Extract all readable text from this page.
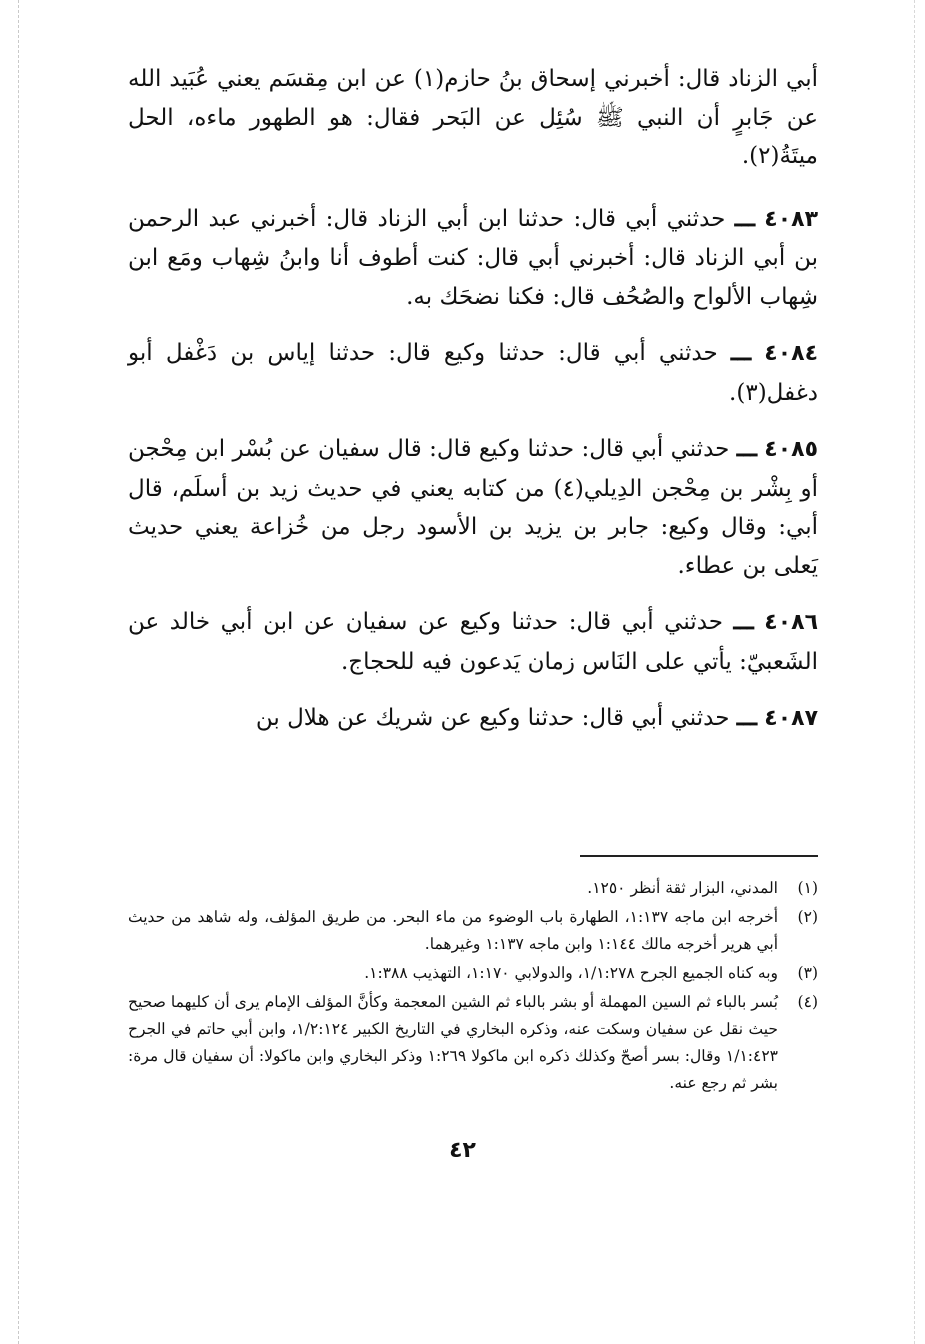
أبي الزناد قال: أخبرني إسحاق بنُ حازم(١) عن ابن مِقسَم يعني عُبَيد الله عن جَابرٍ أن النبي ﷺ سُئِل عن البَحر فقال: هو الطهور ماءه، الحل ميتَةُ(٢).

٤٠٨٣ ـــ حدثني أبي قال: حدثنا ابن أبي الزناد قال: أخبرني عبد الرحمن بن أبي الزناد قال: أخبرني أبي قال: كنت أطوف أنا وابنُ شِهاب ومَع ابن شِهاب الألواح والصُحُف قال: فكنا نضحَك به.

٤٠٨٤ ـــ حدثني أبي قال: حدثنا وكيع قال: حدثنا إياس بن دَغْفل أبو دغفل(٣).

٤٠٨٥ ـــ حدثني أبي قال: حدثنا وكيع قال: قال سفيان عن بُسْر ابن مِحْجن أو بِشْر بن مِحْجن الدِيلي(٤) من كتابه يعني في حديث زيد بن أسلَم، قال أبي: وقال وكيع: جابر بن يزيد بن الأسود رجل من خُزاعة يعني حديث يَعلى بن عطاء.

٤٠٨٦ ـــ حدثني أبي قال: حدثنا وكيع عن سفيان عن ابن أبي خالد عن الشَعبيّ: يأتي على النَاس زمان يَدعون فيه للحجاج.

٤٠٨٧ ـــ حدثني أبي قال: حدثنا وكيع عن شريك عن هلال بن

(١)
المدني، البزار ثقة أنظر ١٢٥٠.
(٢)
أخرجه ابن ماجه ١:١٣٧، الطهارة باب الوضوء من ماء البحر. من طريق المؤلف، وله شاهد من حديث أبي هرير أخرجه مالك ١:١٤٤ وابن ماجه ١:١٣٧ وغيرهما.
(٣)
وبه كناه الجميع الجرح ١/١:٢٧٨، والدولابي ١:١٧٠، التهذيب ١:٣٨٨.
(٤)
بُسر بالباء ثم السين المهملة أو بشر بالباء ثم الشين المعجمة وكأنَّ المؤلف الإمام يرى أن كليهما صحيح حيث نقل عن سفيان وسكت عنه، وذكره البخاري في التاريخ الكبير ١/٢:١٢٤، وابن أبي حاتم في الجرح ١/١:٤٢٣ وقال: بسر أصحّ وكذلك ذكره ابن ماكولا ١:٢٦٩ وذكر البخاري وابن ماكولا: أن سفيان قال مرة: بشر ثم رجع عنه.
٤٢
